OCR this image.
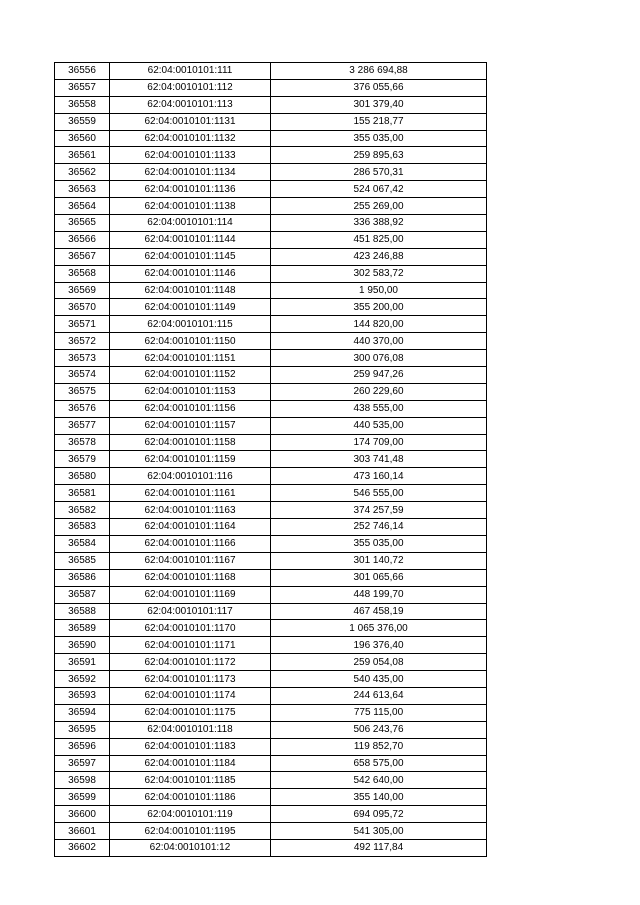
36556	62:04:0010101:111	3 286 694,88
36557	62:04:0010101:112	376 055,66
36558	62:04:0010101:113	301 379,40
36559	62:04:0010101:1131	155 218,77
36560	62:04:0010101:1132	355 035,00
36561	62:04:0010101:1133	259 895,63
36562	62:04:0010101:1134	286 570,31
36563	62:04:0010101:1136	524 067,42
36564	62:04:0010101:1138	255 269,00
36565	62:04:0010101:114	336 388,92
36566	62:04:0010101:1144	451 825,00
36567	62:04:0010101:1145	423 246,88
36568	62:04:0010101:1146	302 583,72
36569	62:04:0010101:1148	1 950,00
36570	62:04:0010101:1149	355 200,00
36571	62:04:0010101:115	144 820,00
36572	62:04:0010101:1150	440 370,00
36573	62:04:0010101:1151	300 076,08
36574	62:04:0010101:1152	259 947,26
36575	62:04:0010101:1153	260 229,60
36576	62:04:0010101:1156	438 555,00
36577	62:04:0010101:1157	440 535,00
36578	62:04:0010101:1158	174 709,00
36579	62:04:0010101:1159	303 741,48
36580	62:04:0010101:116	473 160,14
36581	62:04:0010101:1161	546 555,00
36582	62:04:0010101:1163	374 257,59
36583	62:04:0010101:1164	252 746,14
36584	62:04:0010101:1166	355 035,00
36585	62:04:0010101:1167	301 140,72
36586	62:04:0010101:1168	301 065,66
36587	62:04:0010101:1169	448 199,70
36588	62:04:0010101:117	467 458,19
36589	62:04:0010101:1170	1 065 376,00
36590	62:04:0010101:1171	196 376,40
36591	62:04:0010101:1172	259 054,08
36592	62:04:0010101:1173	540 435,00
36593	62:04:0010101:1174	244 613,64
36594	62:04:0010101:1175	775 115,00
36595	62:04:0010101:118	506 243,76
36596	62:04:0010101:1183	119 852,70
36597	62:04:0010101:1184	658 575,00
36598	62:04:0010101:1185	542 640,00
36599	62:04:0010101:1186	355 140,00
36600	62:04:0010101:119	694 095,72
36601	62:04:0010101:1195	541 305,00
36602	62:04:0010101:12	492 117,84
